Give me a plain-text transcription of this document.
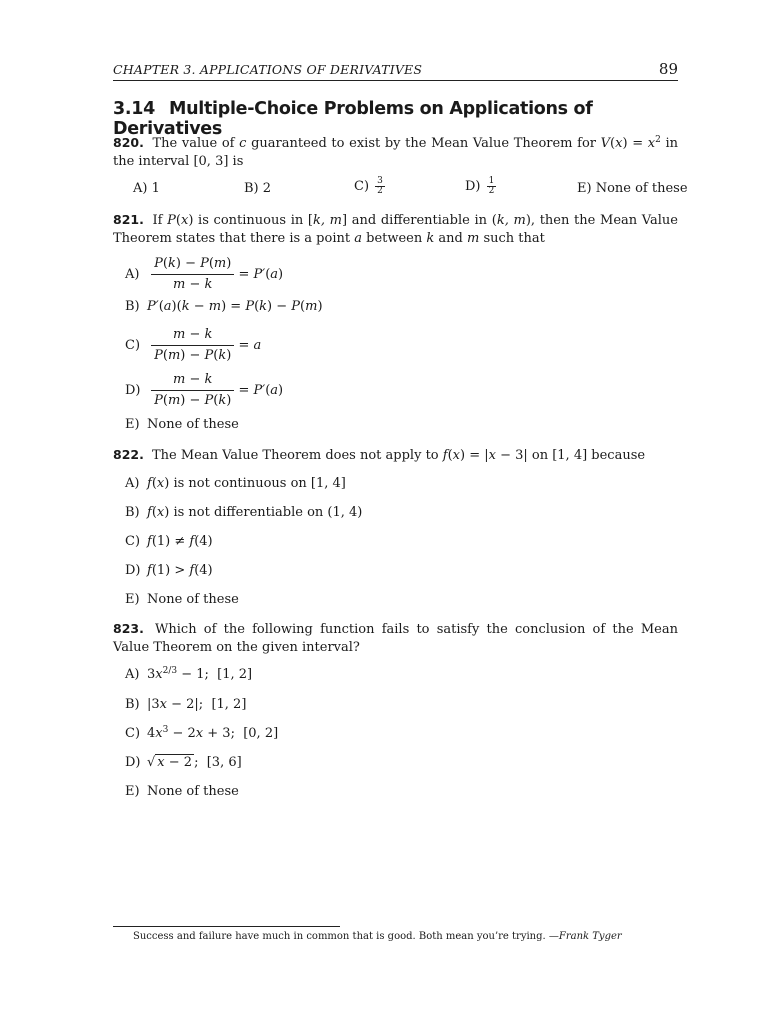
CHAPTER 3. APPLICATIONS OF DERIVATIVES	89
3.14 Multiple-Choice Problems on Applications of Derivatives
820. The value of c guaranteed to exist by the Mean Value Theorem for $V(x) = x^2$ in the interval [0, 3] is
A) 1	B) 2	$C) \frac{3}{2}$	$D) \frac{1}{2}$	E) None of these
821. If P(x) is continuous in [k, m] and differentiable in (k, m), then the Mean Value Theorem states that there is a point a between k and m such that
$A) \frac{P(k) - P(m)}{m - k} = P'(a)$
B) P′(a)(k − m) = P(k) − P(m)
$C) \frac{m - k}{P(m) - P(k)} = a$
$D) \frac{m - k}{P(m) - P(k)} = P'(a)$
E) None of these
822. The Mean Value Theorem does not apply to f(x) = |x − 3| on [1, 4] because
A) f(x) is not continuous on [1, 4]
B) f(x) is not differentiable on (1, 4)
C) f(1) ≠ f(4)
D) f(1) > f(4)
E) None of these
823. Which of the following function fails to satisfy the conclusion of the Mean Value Theorem on the given interval?
A) $3x^{2/3} - 1$;  [1, 2]
B) |3x − 2|;  [1, 2]
C) $4x^3 - 2x + 3$;  [0, 2]
D) √ x − 2 ;  [3, 6]
E) None of these
Success and failure have much in common that is good. Both mean you’re trying. —Frank Tyger
